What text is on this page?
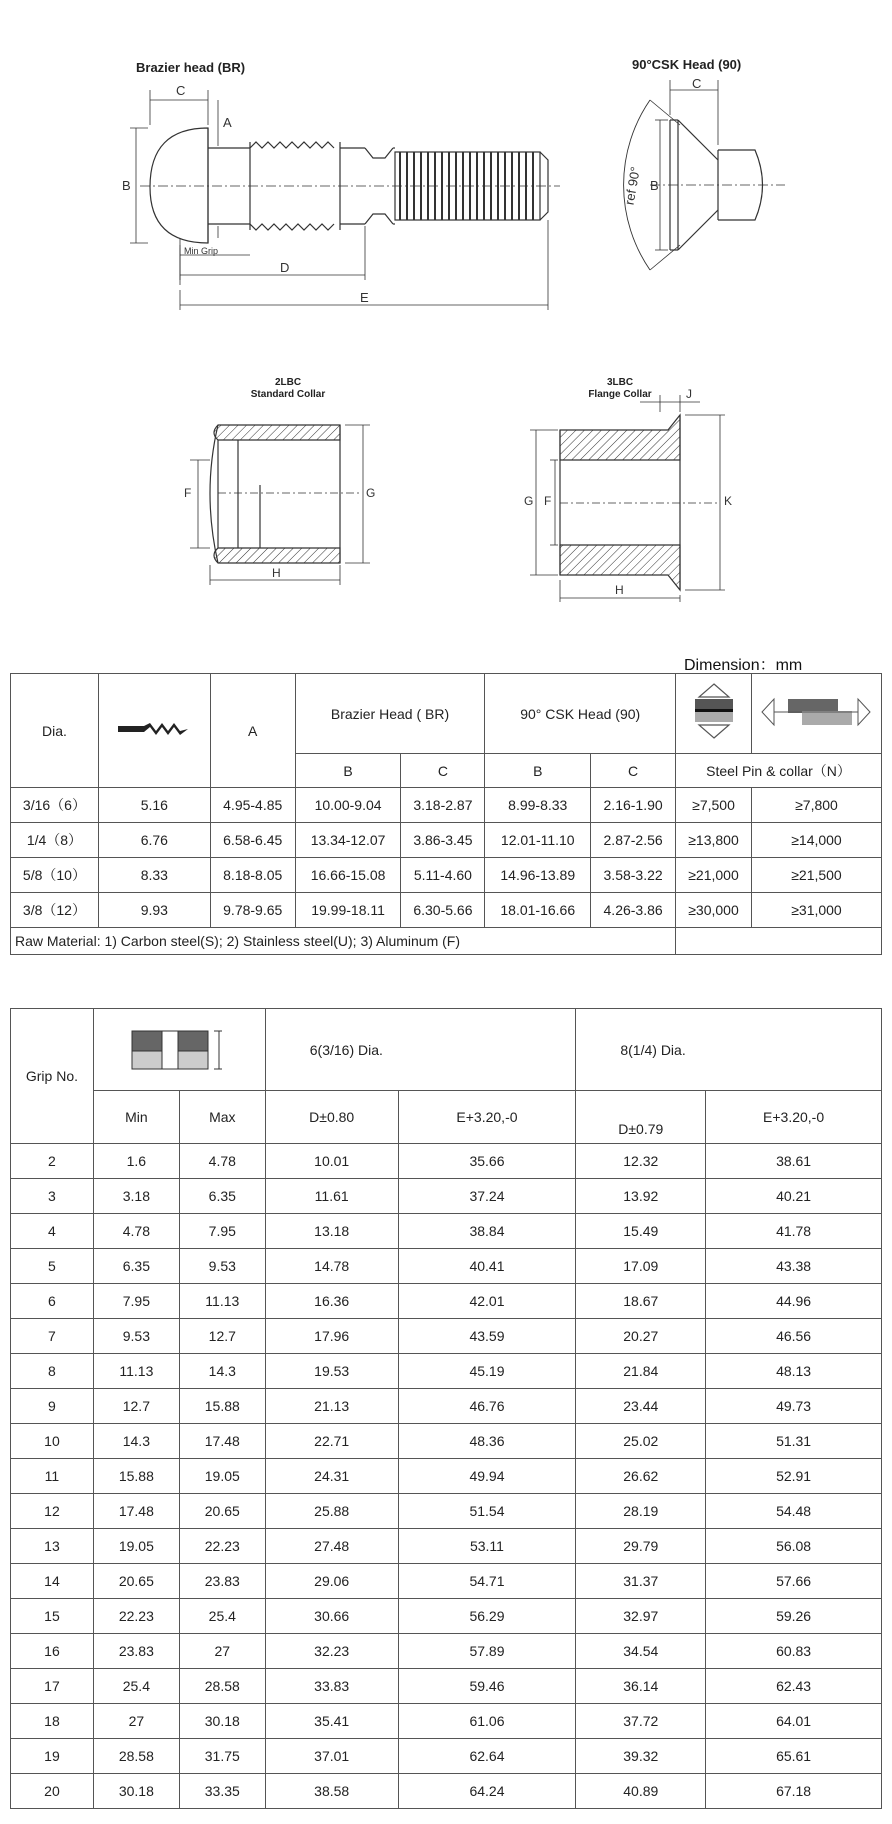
Brazier head (BR)	90°CSK Head (90)
C
A
B
Min Grip
D
E
C
B
ref 90°
2LBC
Standard Collar
F	G
H
3LBC
Flange Collar	J
G F	K
H
Dimension：mm
Dia.		A	Brazier Head ( BR)		90° CSK Head (90)		
			B	C	B	C	Steel Pin & collar（N）	
3/16（6）	5.16	4.95-4.85	10.00-9.04	3.18-2.87	8.99-8.33	2.16-1.90	≥7,500	≥7,800
1/4（8）	6.76	6.58-6.45	13.34-12.07	3.86-3.45	12.01-11.10	2.87-2.56	≥13,800	≥14,000
5/8（10）	8.33	8.18-8.05	16.66-15.08	5.11-4.60	14.96-13.89	3.58-3.22	≥21,000	≥21,500
3/8（12）	9.93	9.78-9.65	19.99-18.11	6.30-5.66	18.01-16.66	4.26-3.86	≥30,000	≥31,000
Raw Material: 1) Carbon steel(S); 2) Stainless steel(U); 3) Aluminum (F)								
Grip No.			6(3/16) Dia.		8(1/4) Dia.	
	Min	Max	D±0.80	E+3.20,-0	D±0.79	E+3.20,-0
2	1.6	4.78	10.01	35.66	12.32	38.61
3	3.18	6.35	11.61	37.24	13.92	40.21
4	4.78	7.95	13.18	38.84	15.49	41.78
5	6.35	9.53	14.78	40.41	17.09	43.38
6	7.95	11.13	16.36	42.01	18.67	44.96
7	9.53	12.7	17.96	43.59	20.27	46.56
8	11.13	14.3	19.53	45.19	21.84	48.13
9	12.7	15.88	21.13	46.76	23.44	49.73
10	14.3	17.48	22.71	48.36	25.02	51.31
11	15.88	19.05	24.31	49.94	26.62	52.91
12	17.48	20.65	25.88	51.54	28.19	54.48
13	19.05	22.23	27.48	53.11	29.79	56.08
14	20.65	23.83	29.06	54.71	31.37	57.66
15	22.23	25.4	30.66	56.29	32.97	59.26
16	23.83	27	32.23	57.89	34.54	60.83
17	25.4	28.58	33.83	59.46	36.14	62.43
18	27	30.18	35.41	61.06	37.72	64.01
19	28.58	31.75	37.01	62.64	39.32	65.61
20	30.18	33.35	38.58	64.24	40.89	67.18
